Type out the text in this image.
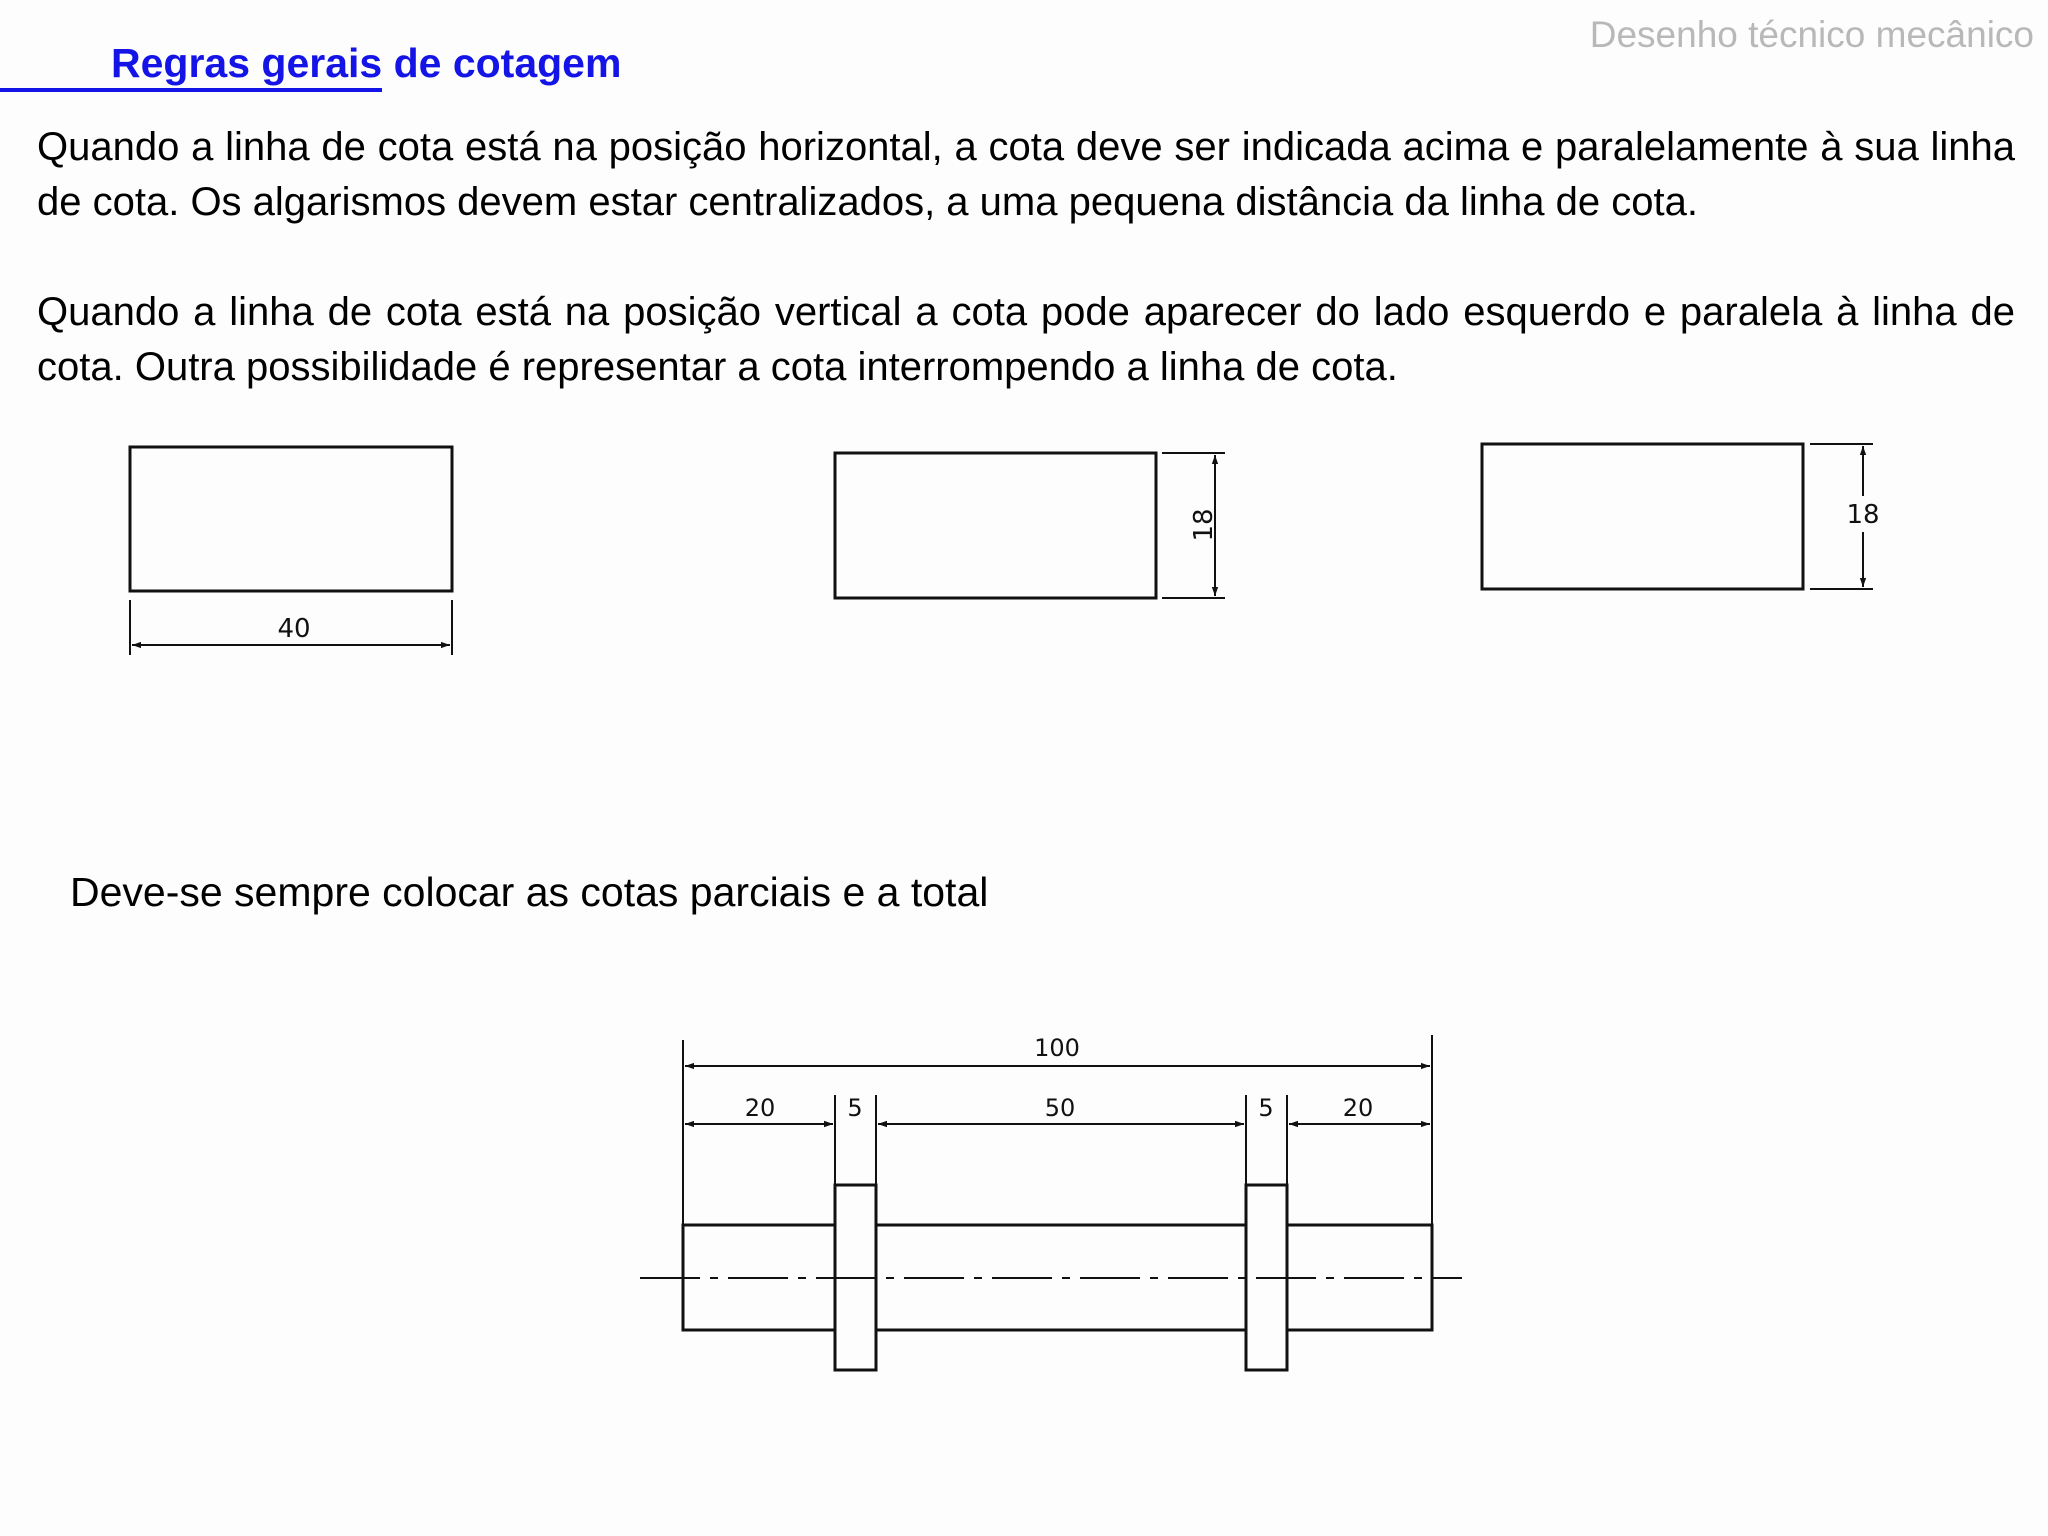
Desenho técnico mecânico
Regras gerais de cotagem

Quando a linha de cota está na posição horizontal, a cota deve ser indicada acima e paralelamente à sua linha de cota. Os algarismos devem estar centralizados, a uma pequena distância da linha de cota.

Quando a linha de cota está na posição vertical a cota pode aparecer do lado esquerdo e paralela à linha de cota. Outra possibilidade é representar a cota interrompendo a linha de cota.

Deve-se sempre colocar as cotas parciais e a total
40
18	18
100
20	5	50	5	20
